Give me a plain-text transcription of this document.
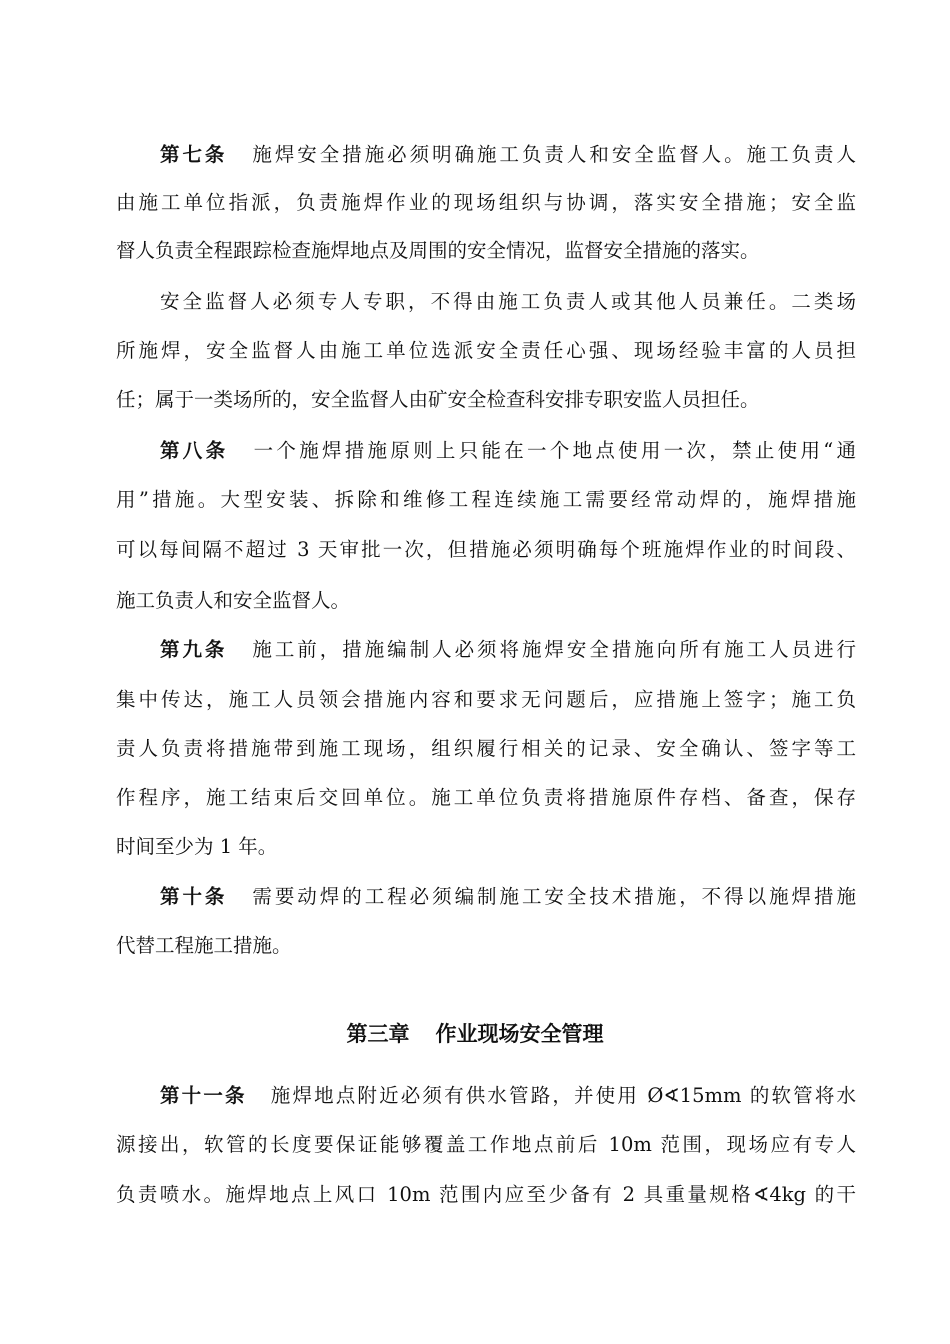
第七条 施焊安全措施必须明确施工负责人和安全监督人。施工负责人
由施工单位指派，负责施焊作业的现场组织与协调，落实安全措施；安全监
督人负责全程跟踪检查施焊地点及周围的安全情况，监督安全措施的落实。
安全监督人必须专人专职，不得由施工负责人或其他人员兼任。二类场
所施焊，安全监督人由施工单位选派安全责任心强、现场经验丰富的人员担
任；属于一类场所的，安全监督人由矿安全检查科安排专职安监人员担任。
第八条 一个施焊措施原则上只能在一个地点使用一次，禁止使用“通
用”措施。大型安装、拆除和维修工程连续施工需要经常动焊的，施焊措施
可以每间隔不超过 3 天审批一次，但措施必须明确每个班施焊作业的时间段、
施工负责人和安全监督人。
第九条 施工前，措施编制人必须将施焊安全措施向所有施工人员进行
集中传达，施工人员领会措施内容和要求无问题后，应措施上签字；施工负
责人负责将措施带到施工现场，组织履行相关的记录、安全确认、签字等工
作程序，施工结束后交回单位。施工单位负责将措施原件存档、备查，保存
时间至少为 1 年。
第十条 需要动焊的工程必须编制施工安全技术措施，不得以施焊措施
代替工程施工措施。
第三章 作业现场安全管理
第十一条 施焊地点附近必须有供水管路，并使用 Ø∢15mm 的软管将水
源接出，软管的长度要保证能够覆盖工作地点前后 10m 范围，现场应有专人
负责喷水。施焊地点上风口 10m 范围内应至少备有 2 具重量规格∢4kg 的干
